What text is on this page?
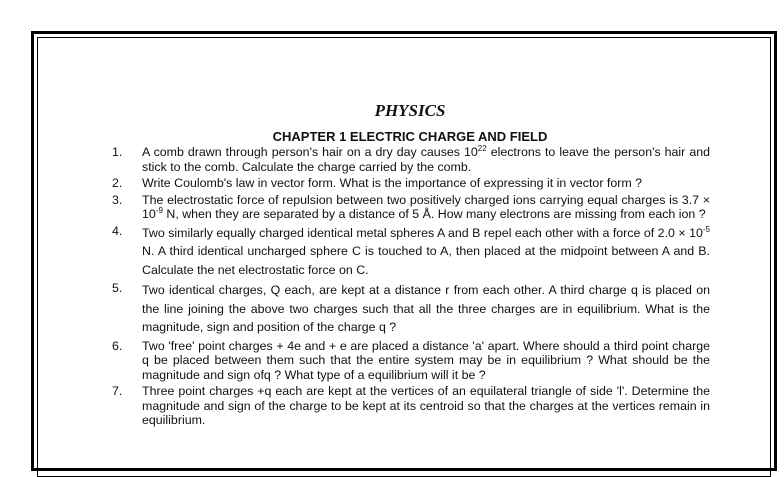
PHYSICS
CHAPTER 1 ELECTRIC CHARGE AND FIELD
1.	A comb drawn through person's hair on a dry day causes $10^{22}$ electrons to leave the person's hair and stick to the comb. Calculate the charge carried by the comb.
2.	Write Coulomb's law in vector form. What is the importance of expressing it in vector form ?
3.	The electrostatic force of repulsion between two positively charged ions carrying equal charges is $3.7 \times 10^{-9}$ N, when they are separated by a distance of 5 Å. How many electrons are missing from each ion ?
4.	Two similarly equally charged identical metal spheres A and B repel each other with a force of $2.0 \times 10^{-5}$ N. A third identical uncharged sphere C is touched to A, then placed at the midpoint between A and B. Calculate the net electrostatic force on C.
5.	Two identical charges, Q each, are kept at a distance r from each other. A third charge q is placed on the line joining the above two charges such that all the three charges are in equilibrium. What is the magnitude, sign and position of the charge q ?
6.	Two 'free' point charges + 4e and + e are placed a distance 'a' apart. Where should a third point charge q be placed between them such that the entire system may be in equilibrium ? What should be the magnitude and sign ofq ? What type of a equilibrium will it be ?
7.	Three point charges +q each are kept at the vertices of an equilateral triangle of side 'l'. Determine the magnitude and sign of the charge to be kept at its centroid so that the charges at the vertices remain in equilibrium.
